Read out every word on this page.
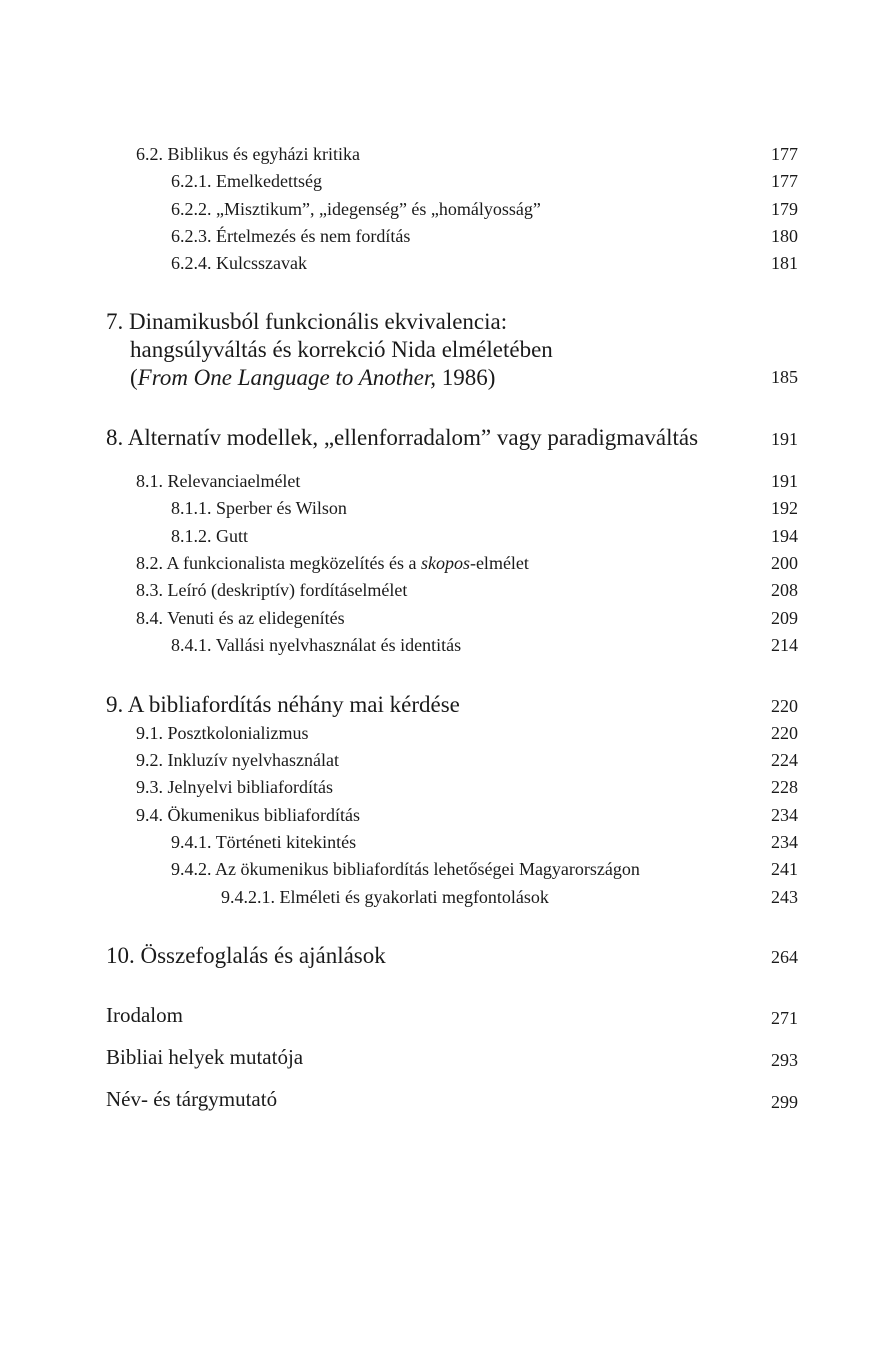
6.2. Biblikus és egyházi kritika	177
6.2.1. Emelkedettség	177
6.2.2. „Misztikum”, „idegenség” és „homályosság”	179
6.2.3. Értelmezés és nem fordítás	180
6.2.4. Kulcsszavak	181
7. Dinamikusból funkcionális ekvivalencia:
hangsúlyváltás és korrekció Nida elméletében
(From One Language to Another, 1986)	185
8. Alternatív modellek, „ellenforradalom” vagy paradigmaváltás	191
8.1. Relevanciaelmélet	191
8.1.1. Sperber és Wilson	192
8.1.2. Gutt	194
8.2. A funkcionalista megközelítés és a skopos-elmélet	200
8.3. Leíró (deskriptív) fordításelmélet	208
8.4. Venuti és az elidegenítés	209
8.4.1. Vallási nyelvhasználat és identitás	214
9. A bibliafordítás néhány mai kérdése	220
9.1. Posztkolonializmus	220
9.2. Inkluzív nyelvhasználat	224
9.3. Jelnyelvi bibliafordítás	228
9.4. Ökumenikus bibliafordítás	234
9.4.1. Történeti kitekintés	234
9.4.2. Az ökumenikus bibliafordítás lehetőségei Magyarországon	241
9.4.2.1. Elméleti és gyakorlati megfontolások	243
10. Összefoglalás és ajánlások	264
Irodalom	271
Bibliai helyek mutatója	293
Név- és tárgymutató	299
